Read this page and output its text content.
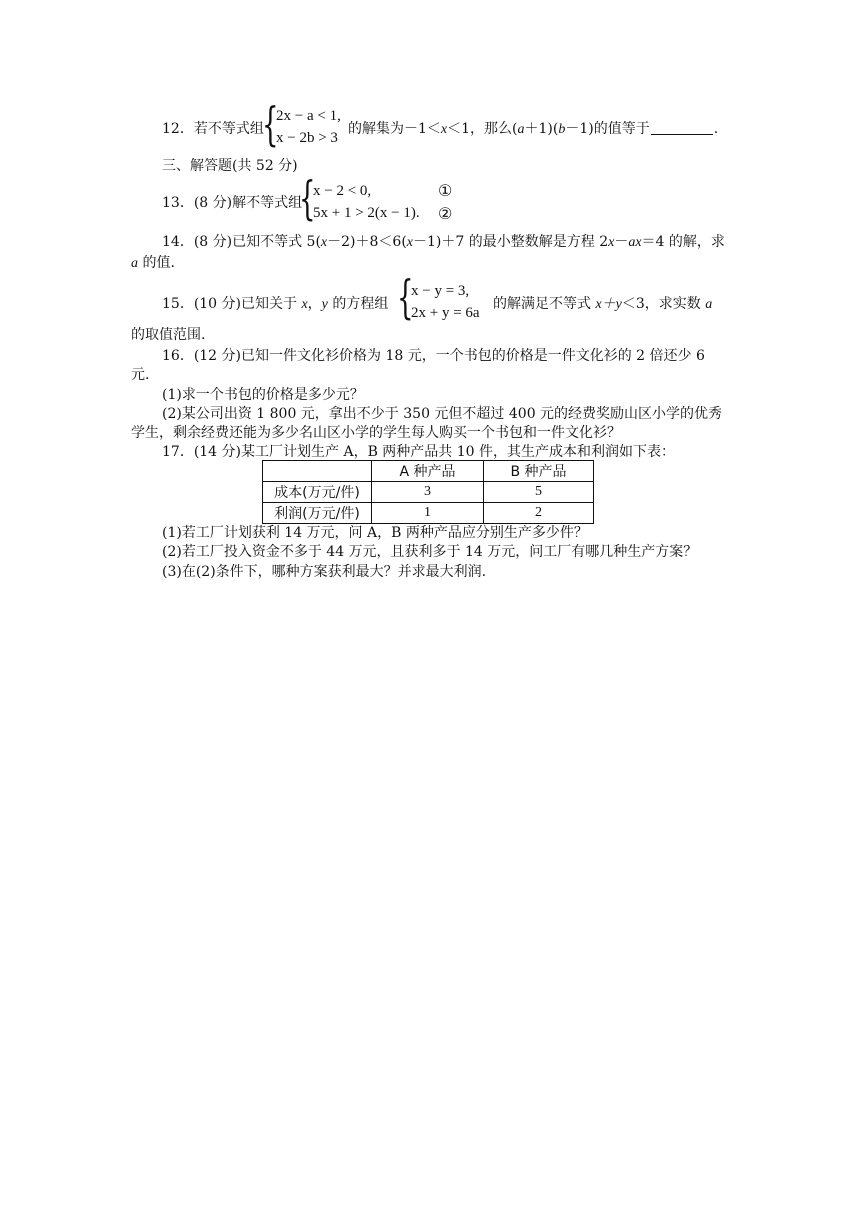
12．若不等式组
{
2x − a < 1,
x − 2b > 3
的解集为－1＜x＜1，那么(a＋1)(b－1)的值等于	.
三、解答题(共 52 分)
13．(8 分)解不等式组
{
x − 2 < 0,
5x + 1 > 2(x − 1).
①
②
14．(8 分)已知不等式 5(x－2)＋8＜6(x－1)＋7 的最小整数解是方程 2x－ax＝4 的解，求
a 的值.
15．(10 分)已知关于 x，y 的方程组 {
x − y = 3,
2x + y = 6a
的解满足不等式 x＋y＜3，求实数 a
的取值范围.
16．(12 分)已知一件文化衫价格为 18 元，一个书包的价格是一件文化衫的 2 倍还少 6
元.
(1)求一个书包的价格是多少元？
(2)某公司出资 1 800 元，拿出不少于 350 元但不超过 400 元的经费奖励山区小学的优秀
学生，剩余经费还能为多少名山区小学的学生每人购买一个书包和一件文化衫？
17．(14 分)某工厂计划生产 A，B 两种产品共 10 件，其生产成本和利润如下表：
	A 种产品	B 种产品
成本(万元/件)	3	5
利润(万元/件)	1	2
(1)若工厂计划获利 14 万元，问 A，B 两种产品应分别生产多少件？
(2)若工厂投入资金不多于 44 万元，且获利多于 14 万元，问工厂有哪几种生产方案？
(3)在(2)条件下，哪种方案获利最大？并求最大利润.
